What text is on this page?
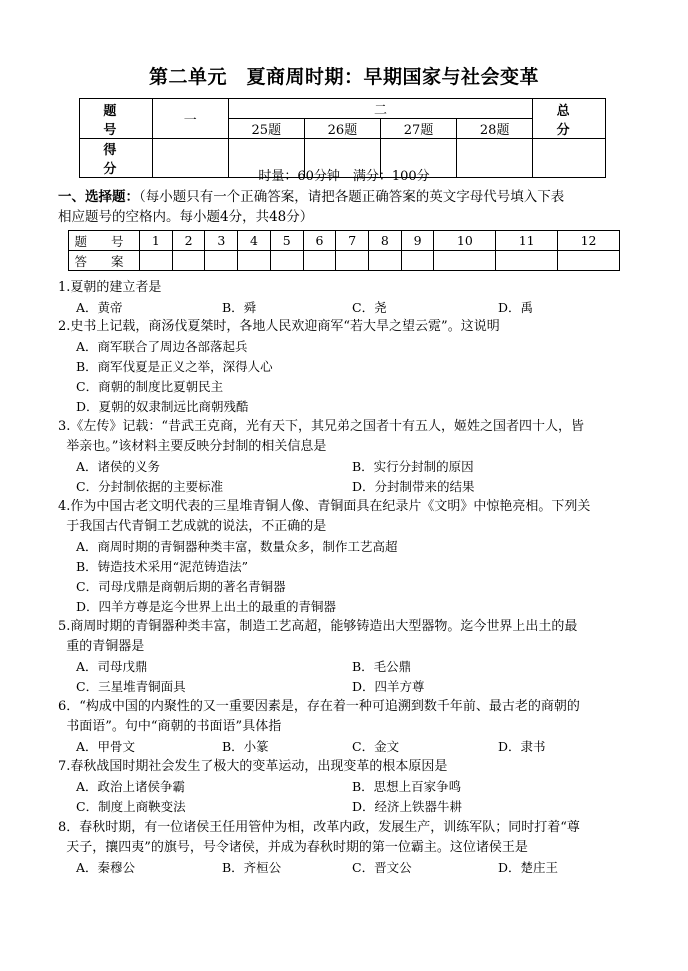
第二单元　夏商周时期：早期国家与社会变革
题　号	一	二				总　分
		25题	26题	27题	28题	
得　分							时量：60分钟　满分：100分
一、选择题：（每小题只有一个正确答案，请把各题正确答案的英文字母代号填入下表
相应题号的空格内。每小题4分，共48分）
题 号	1	2	3	4	5	6	7	8	9	10	11	12
答 案												
1.夏朝的建立者是
A．黄帝	B．舜	C．尧	D．禹
2.史书上记载，商汤伐夏桀时，各地人民欢迎商军“若大旱之望云霓”。这说明
A．商军联合了周边各部落起兵
B．商军伐夏是正义之举，深得人心
C．商朝的制度比夏朝民主
D．夏朝的奴隶制远比商朝残酷
3.《左传》记载：“昔武王克商，光有天下，其兄弟之国者十有五人，姬姓之国者四十人，皆
举亲也。”该材料主要反映分封制的相关信息是
A．诸侯的义务	B．实行分封制的原因
C．分封制依据的主要标准	D．分封制带来的结果
4.作为中国古老文明代表的三星堆青铜人像、青铜面具在纪录片《文明》中惊艳亮相。下列关
于我国古代青铜工艺成就的说法，不正确的是
A．商周时期的青铜器种类丰富，数量众多，制作工艺高超
B．铸造技术采用“泥范铸造法”
C．司母戊鼎是商朝后期的著名青铜器
D．四羊方尊是迄今世界上出土的最重的青铜器
5.商周时期的青铜器种类丰富，制造工艺高超，能够铸造出大型器物。迄今世界上出土的最
重的青铜器是
A．司母戊鼎	B．毛公鼎
C．三星堆青铜面具	D．四羊方尊
6．“构成中国的内聚性的又一重要因素是，存在着一种可追溯到数千年前、最古老的商朝的
书面语”。句中“商朝的书面语”具体指
A．甲骨文	B．小篆	C．金文	D．隶书
7.春秋战国时期社会发生了极大的变革运动，出现变革的根本原因是
A．政治上诸侯争霸	B．思想上百家争鸣
C．制度上商鞅变法	D．经济上铁器牛耕
8．春秋时期，有一位诸侯王任用管仲为相，改革内政，发展生产，训练军队；同时打着“尊
天子，攘四夷”的旗号，号令诸侯，并成为春秋时期的第一位霸主。这位诸侯王是
A．秦穆公	B．齐桓公	C．晋文公	D．楚庄王
